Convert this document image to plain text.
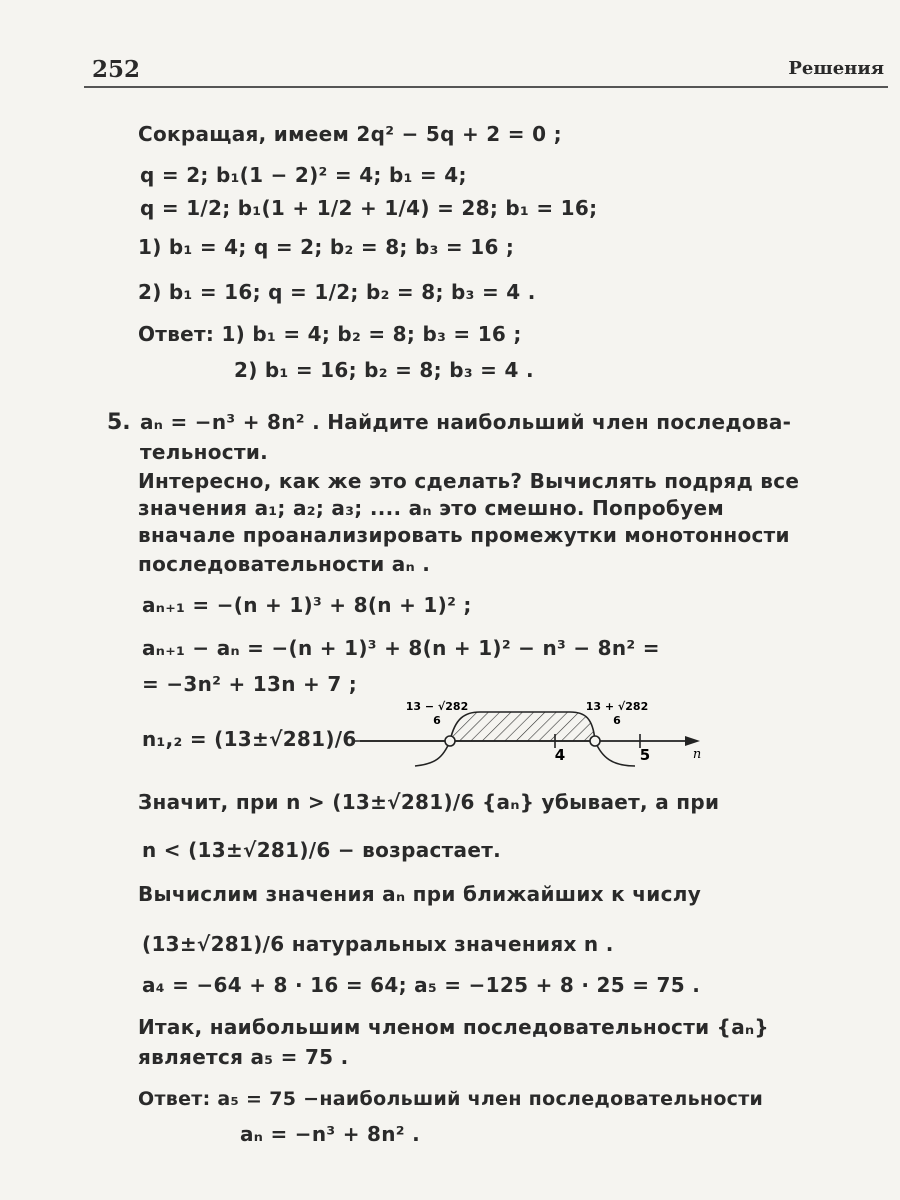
252	Решения
Сокращая, имеем 2q² − 5q + 2 = 0 ;
q = 2; b₁(1 − 2)² = 4; b₁ = 4;
q = 1/2; b₁(1 + 1/2 + 1/4) = 28; b₁ = 16;
1) b₁ = 4; q = 2; b₂ = 8; b₃ = 16 ;
2) b₁ = 16; q = 1/2; b₂ = 8; b₃ = 4 .
Ответ: 1) b₁ = 4; b₂ = 8; b₃ = 16 ;
2) b₁ = 16; b₂ = 8; b₃ = 4 .
5. aₙ = −n³ + 8n² . Найдите наибольший член последова-
тельности.
Интересно, как же это сделать? Вычислять подряд все
значения a₁; a₂; a₃; .... aₙ это смешно. Попробуем
вначале проанализировать промежутки монотонности
последовательности aₙ .
aₙ₊₁ = −(n + 1)³ + 8(n + 1)² ;
aₙ₊₁ − aₙ = −(n + 1)³ + 8(n + 1)² − n³ − 8n² =
= −3n² + 13n + 7 ;
n₁,₂ = (13±√281)/6
13 − √282
6
13 + √282
6
4	5	n
Значит, при n > (13±√281)/6 {aₙ} убывает, а при
n < (13±√281)/6 − возрастает.
Вычислим значения aₙ при ближайших к числу
(13±√281)/6 натуральных значениях n .
a₄ = −64 + 8 · 16 = 64; a₅ = −125 + 8 · 25 = 75 .
Итак, наибольшим членом последовательности {aₙ}
является a₅ = 75 .
Ответ: a₅ = 75 −наибольший член последовательности
aₙ = −n³ + 8n² .
